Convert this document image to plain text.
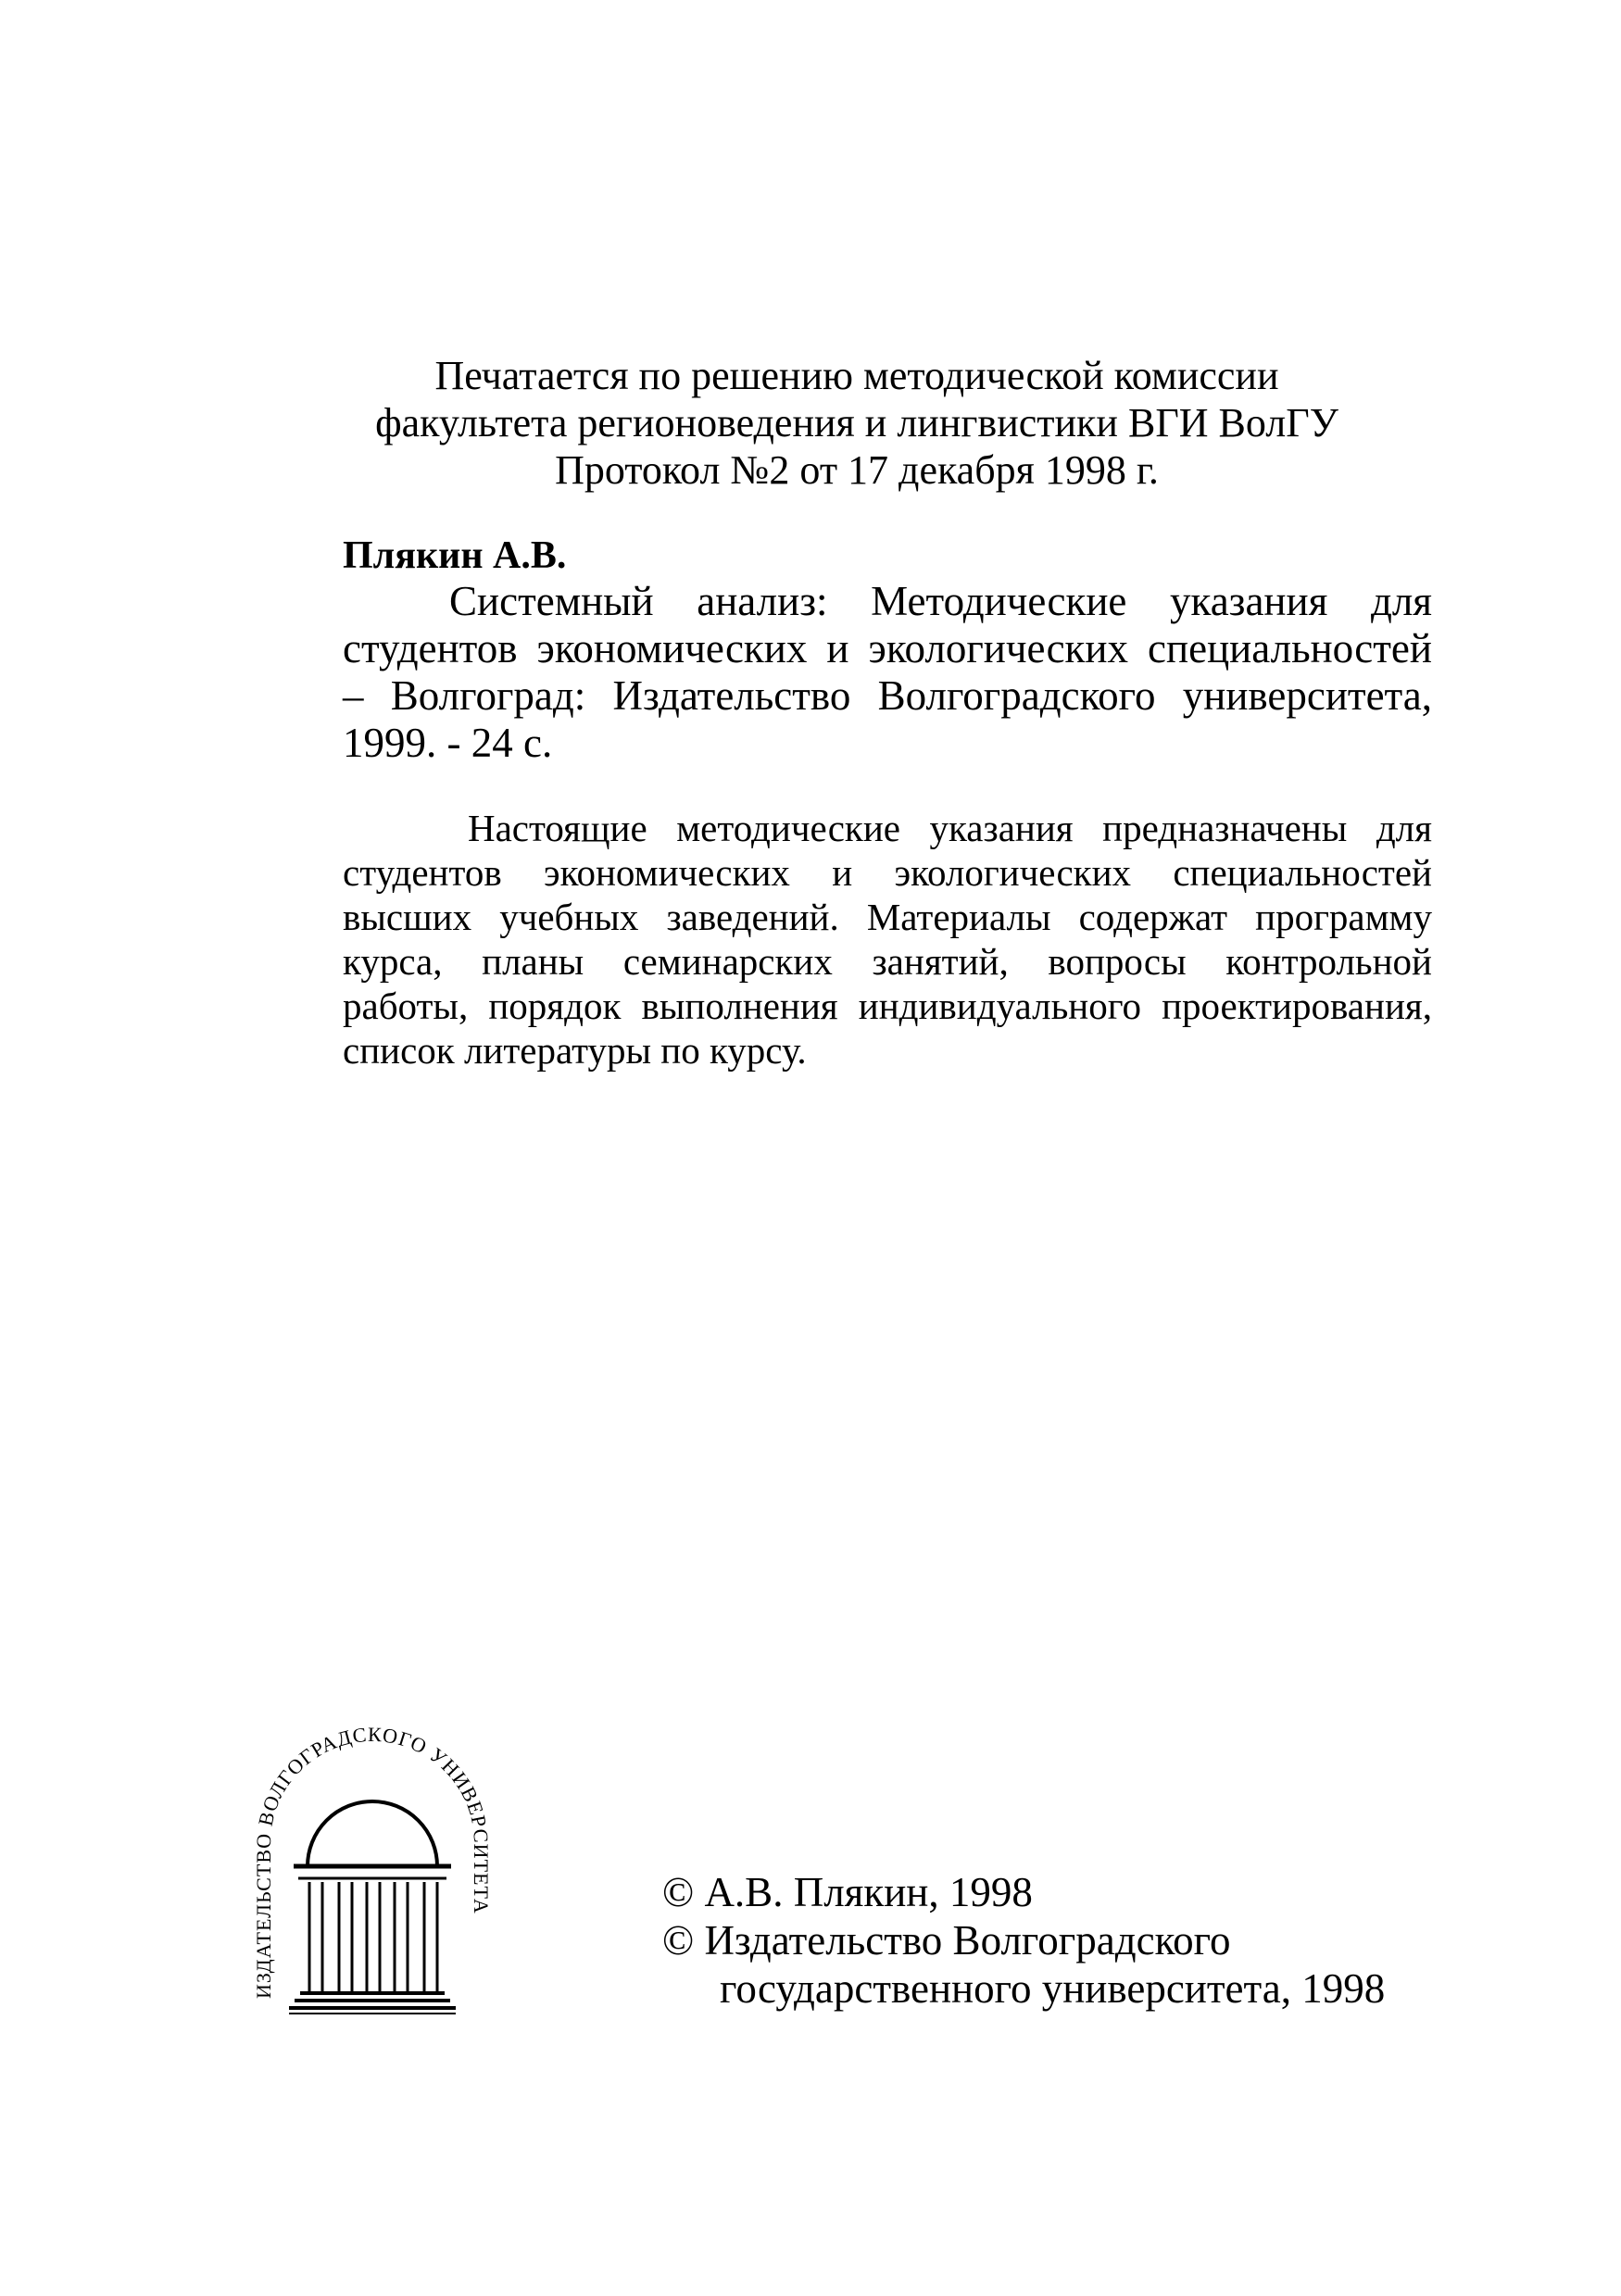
Печатается по решению методической комиссии
факультета регионоведения и лингвистики ВГИ ВолГУ
Протокол №2 от 17 декабря 1998 г.
Плякин А.В.
Системный анализ: Методические указания для
студентов экономических и экологических специальностей
– Волгоград: Издательство Волгоградского университета,
1999. - 24 с.
Настоящие методические указания предназначены для
студентов экономических и экологических специальностей
высших учебных заведений. Материалы содержат программу
курса, планы семинарских занятий, вопросы контрольной
работы, порядок выполнения индивидуального проектирования,
список литературы по курсу.
ИЗДАТЕЛЬСТВО ВОЛГОГРАДСКОГО УНИВЕРСИТЕТА	© А.В. Плякин, 1998
© Издательство Волгоградского
государственного университета, 1998
